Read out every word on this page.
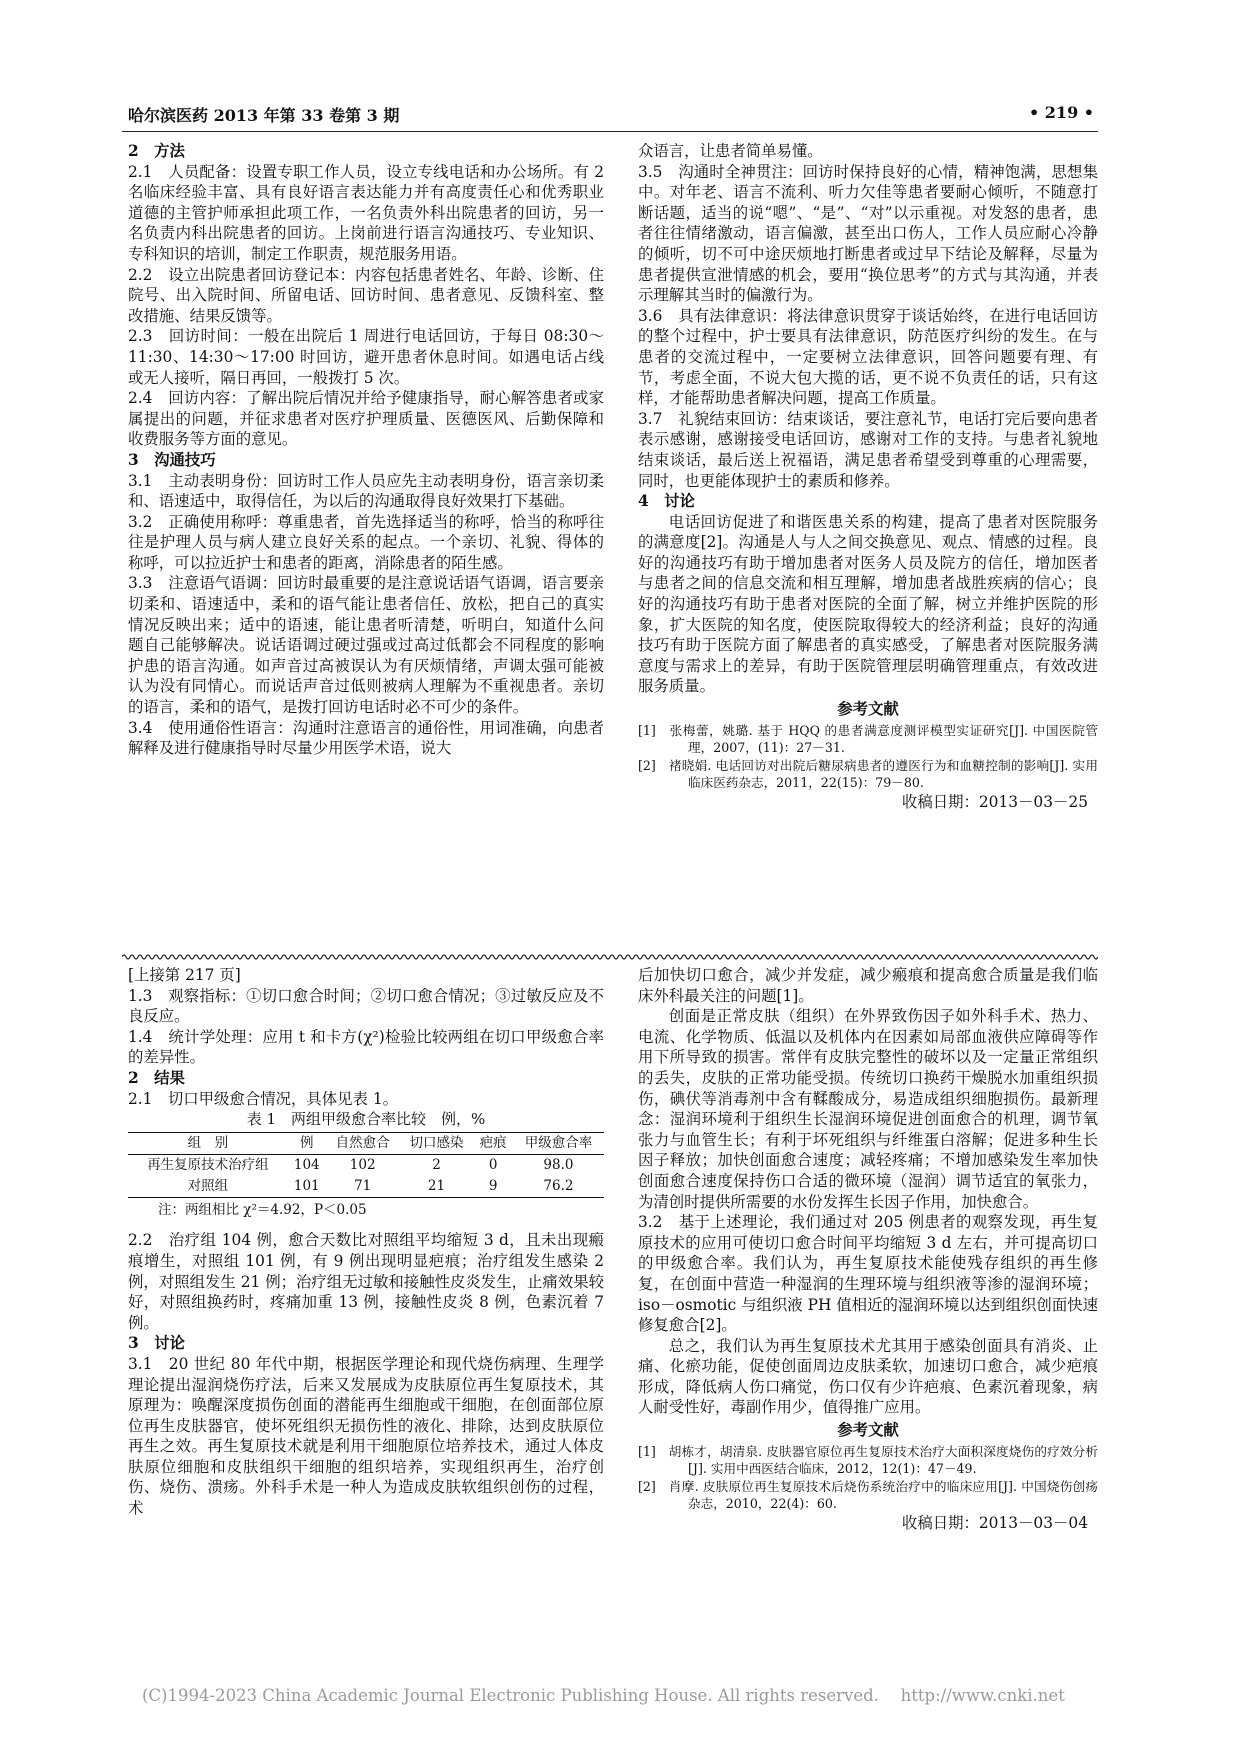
哈尔滨医药 2013 年第 33 卷第 3 期	• 219 •

2　方法

2.1　人员配备：设置专职工作人员，设立专线电话和办公场所。有 2 名临床经验丰富、具有良好语言表达能力并有高度责任心和优秀职业道德的主管护师承担此项工作，一名负责外科出院患者的回访，另一名负责内科出院患者的回访。上岗前进行语言沟通技巧、专业知识、专科知识的培训，制定工作职责，规范服务用语。

2.2　设立出院患者回访登记本：内容包括患者姓名、年龄、诊断、住院号、出入院时间、所留电话、回访时间、患者意见、反馈科室、整改措施、结果反馈等。

2.3　回访时间：一般在出院后 1 周进行电话回访，于每日 08:30～11:30、14:30～17:00 时回访，避开患者休息时间。如遇电话占线或无人接听，隔日再回，一般拨打 5 次。

2.4　回访内容：了解出院后情况并给予健康指导，耐心解答患者或家属提出的问题，并征求患者对医疗护理质量、医德医风、后勤保障和收费服务等方面的意见。

3　沟通技巧

3.1　主动表明身份：回访时工作人员应先主动表明身份，语言亲切柔和、语速适中，取得信任，为以后的沟通取得良好效果打下基础。

3.2　正确使用称呼：尊重患者，首先选择适当的称呼，恰当的称呼往往是护理人员与病人建立良好关系的起点。一个亲切、礼貌、得体的称呼，可以拉近护士和患者的距离，消除患者的陌生感。

3.3　注意语气语调：回访时最重要的是注意说话语气语调，语言要亲切柔和、语速适中，柔和的语气能让患者信任、放松，把自己的真实情况反映出来；适中的语速，能让患者听清楚，听明白，知道什么问题自己能够解决。说话语调过硬过强或过高过低都会不同程度的影响护患的语言沟通。如声音过高被误认为有厌烦情绪，声调太强可能被认为没有同情心。而说话声音过低则被病人理解为不重视患者。亲切的语言，柔和的语气，是拨打回访电话时必不可少的条件。

3.4　使用通俗性语言：沟通时注意语言的通俗性，用词准确，向患者解释及进行健康指导时尽量少用医学术语，说大

众语言，让患者简单易懂。

3.5　沟通时全神贯注：回访时保持良好的心情，精神饱满，思想集中。对年老、语言不流利、听力欠佳等患者要耐心倾听，不随意打断话题，适当的说“嗯”、“是”、“对”以示重视。对发怒的患者，患者往往情绪激动，语言偏激，甚至出口伤人，工作人员应耐心冷静的倾听，切不可中途厌烦地打断患者或过早下结论及解释，尽量为患者提供宣泄情感的机会，要用“换位思考”的方式与其沟通，并表示理解其当时的偏激行为。

3.6　具有法律意识：将法律意识贯穿于谈话始终，在进行电话回访的整个过程中，护士要具有法律意识，防范医疗纠纷的发生。在与患者的交流过程中，一定要树立法律意识，回答问题要有理、有节，考虑全面，不说大包大揽的话，更不说不负责任的话，只有这样，才能帮助患者解决问题，提高工作质量。

3.7　礼貌结束回访：结束谈话，要注意礼节，电话打完后要向患者表示感谢，感谢接受电话回访，感谢对工作的支持。与患者礼貌地结束谈话，最后送上祝福语，满足患者希望受到尊重的心理需要，同时，也更能体现护士的素质和修养。

4　讨论

电话回访促进了和谐医患关系的构建，提高了患者对医院服务的满意度[2]。沟通是人与人之间交换意见、观点、情感的过程。良好的沟通技巧有助于增加患者对医务人员及院方的信任，增加医者与患者之间的信息交流和相互理解，增加患者战胜疾病的信心；良好的沟通技巧有助于患者对医院的全面了解，树立并维护医院的形象，扩大医院的知名度，使医院取得较大的经济利益；良好的沟通技巧有助于医院方面了解患者的真实感受，了解患者对医院服务满意度与需求上的差异，有助于医院管理层明确管理重点，有效改进服务质量。

参考文献

[1]　张梅蕾，姚璐. 基于 HQQ 的患者满意度测评模型实证研究[J]. 中国医院管理，2007，(11)：27－31.

[2]　褚晓娟. 电话回访对出院后糖尿病患者的遵医行为和血糖控制的影响[J]. 实用临床医药杂志，2011，22(15)：79－80.

收稿日期：2013－03－25

[上接第 217 页]

1.3　观察指标：①切口愈合时间；②切口愈合情况；③过敏反应及不良反应。

1.4　统计学处理：应用 t 和卡方(χ²)检验比较两组在切口甲级愈合率的差异性。

2　结果

2.1　切口甲级愈合情况，具体见表 1。

表 1　两组甲级愈合率比较　例，%
组　别	例	自然愈合	切口感染	疤痕	甲级愈合率
再生复原技术治疗组	104	102	2	0	98.0
对照组	101	71	21	9	76.2
注：两组相比 χ²＝4.92，P＜0.05

2.2　治疗组 104 例，愈合天数比对照组平均缩短 3 d，且未出现瘢痕增生，对照组 101 例，有 9 例出现明显疤痕；治疗组发生感染 2 例，对照组发生 21 例；治疗组无过敏和接触性皮炎发生，止痛效果较好，对照组换药时，疼痛加重 13 例，接触性皮炎 8 例，色素沉着 7 例。

3　讨论

3.1　20 世纪 80 年代中期，根据医学理论和现代烧伤病理、生理学理论提出湿润烧伤疗法，后来又发展成为皮肤原位再生复原技术，其原理为：唤醒深度损伤创面的潜能再生细胞或干细胞，在创面部位原位再生皮肤器官，使坏死组织无损伤性的液化、排除，达到皮肤原位再生之效。再生复原技术就是利用干细胞原位培养技术，通过人体皮肤原位细胞和皮肤组织干细胞的组织培养，实现组织再生，治疗创伤、烧伤、溃疡。外科手术是一种人为造成皮肤软组织创伤的过程，术

后加快切口愈合，减少并发症，减少瘢痕和提高愈合质量是我们临床外科最关注的问题[1]。

创面是正常皮肤（组织）在外界致伤因子如外科手术、热力、电流、化学物质、低温以及机体内在因素如局部血液供应障碍等作用下所导致的损害。常伴有皮肤完整性的破坏以及一定量正常组织的丢失，皮肤的正常功能受损。传统切口换药干燥脱水加重组织损伤，碘伏等消毒剂中含有鞣酸成分，易造成组织细胞损伤。最新理念：湿润环境利于组织生长湿润环境促进创面愈合的机理，调节氧张力与血管生长；有利于坏死组织与纤维蛋白溶解；促进多种生长因子释放；加快创面愈合速度；减轻疼痛；不增加感染发生率加快创面愈合速度保持伤口合适的微环境（湿润）调节适宜的氧张力，为清创时提供所需要的水份发挥生长因子作用，加快愈合。

3.2　基于上述理论，我们通过对 205 例患者的观察发现，再生复原技术的应用可使切口愈合时间平均缩短 3 d 左右，并可提高切口的甲级愈合率。我们认为，再生复原技术能使残存组织的再生修复，在创面中营造一种湿润的生理环境与组织液等渗的湿润环境；iso－osmotic 与组织液 PH 值相近的湿润环境以达到组织创面快速修复愈合[2]。

总之，我们认为再生复原技术尤其用于感染创面具有消炎、止痛、化瘀功能，促使创面周边皮肤柔软，加速切口愈合，减少疤痕形成，降低病人伤口痛觉，伤口仅有少许疤痕、色素沉着现象，病人耐受性好，毒副作用少，值得推广应用。

参考文献

[1]　胡栋才，胡清泉. 皮肤器官原位再生复原技术治疗大面积深度烧伤的疗效分析[J]. 实用中西医结合临床，2012，12(1)：47－49.

[2]　肖摩. 皮肤原位再生复原技术后烧伤系统治疗中的临床应用[J]. 中国烧伤创疡杂志，2010，22(4)：60.

收稿日期：2013－03－04

(C)1994-2023 China Academic Journal Electronic Publishing House. All rights reserved.　 http://www.cnki.net
